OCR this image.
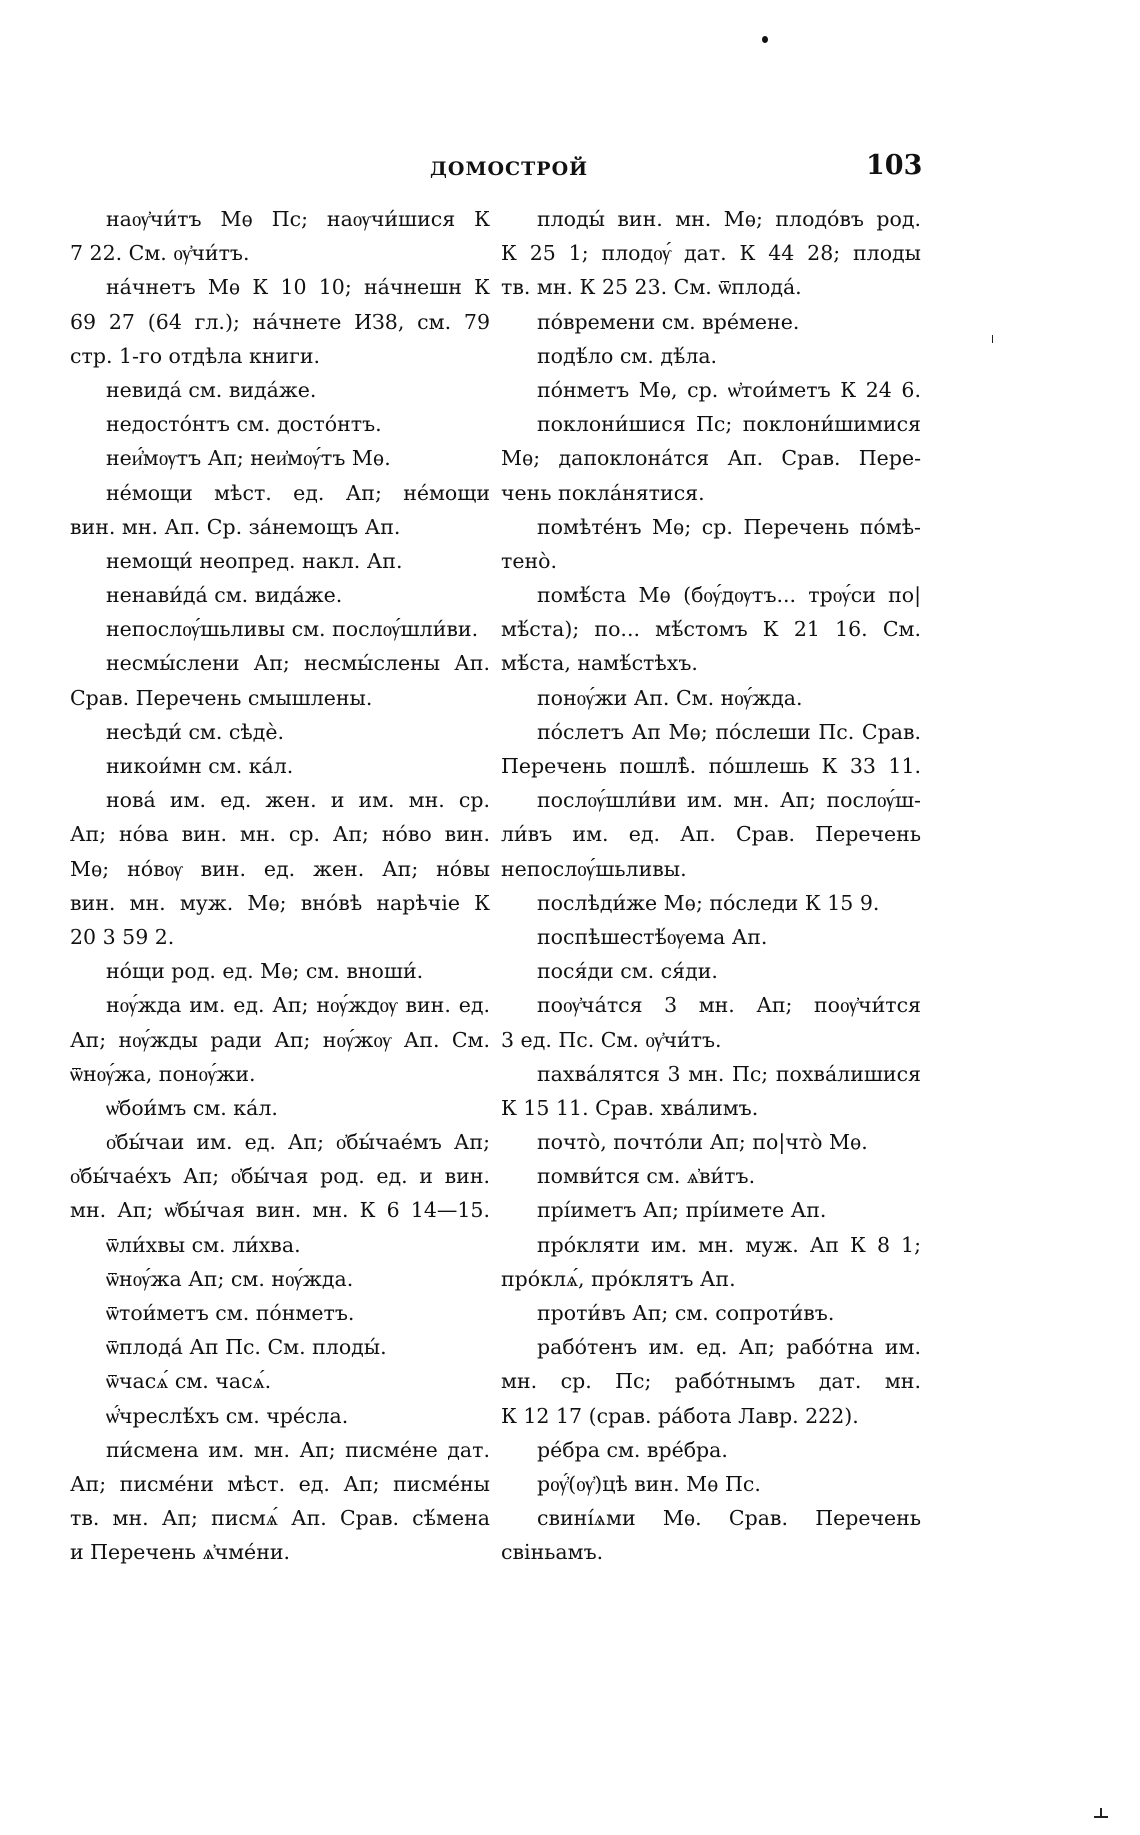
ДОМОСТРОЙ	103
наѹ҆чи́тъ Мѳ Пс; наѹчи́шися К
7 22. См. ѹ҆чи́тъ.
на́чнетъ Мѳ К 10 10; на́чнешн К
69 27 (64 гл.); на́чнете ИЗ8, см. 79
стр. 1-го отдѣла книги.
невида́ см. вида́же.
недосто́нтъ см. досто́нтъ.
неи҆́мѹтъ Ап; неи҆мѹ́тъ Мѳ.
не́мощи мѣст. ед. Ап; не́мощи
вин. мн. Ап. Ср. за́немощъ Ап.
немощи́ неопред. накл. Ап.
ненави́да́ см. вида́же.
непослѹ́шьливы см. послѹ́шли́ви.
несмы́слени Ап; несмы́слены Ап.
Срав. Перечень смышлены.
несѣди́ см. сѣдѐ.
никои́мн см. ка́л.
нова́ им. ед. жен. и им. мн. ср.
Ап; но́ва вин. мн. ср. Ап; но́во вин.
Мѳ; но́вѹ вин. ед. жен. Ап; но́вы
вин. мн. муж. Мѳ; вно́вѣ нарѣчіе К
20 3 59 2.
но́щи род. ед. Мѳ; см. вноши́.
нѹ́жда им. ед. Ап; нѹ́ждѹ вин. ед.
Ап; нѹ́жды ради Ап; нѹ́жѹ Ап. См.
ѿнѹ́жа, понѹ́жи.
ѡ҆бои́мъ см. ка́л.
о҆бы́чаи им. ед. Ап; о҆бы́чае́мъ Ап;
о҆бы́чае́хъ Ап; о҆бы́чая род. ед. и вин.
мн. Ап; ѡ҆бы́чая вин. мн. К 6 14—15.
ѿли́хвы см. ли́хва.
ѿнѹ́жа Ап; см. нѹ́жда.
ѿтои́метъ см. по́нметъ.
ѿплода́ Ап Пс. См. плоды́.
ѿчасѧ́ см. часѧ́.
ѡ҆́чреслѣ́хъ см. чре́сла.
пи́смена им. мн. Ап; писме́не дат.
Ап; писме́ни мѣст. ед. Ап; писме́ны
тв. мн. Ап; писмѧ́ Ап. Срав. сѣ́мена
и Перечень ѧ҆чме́ни.
плоды́ вин. мн. Мѳ; плодо́въ род.
К 25 1; плодѹ́ дат. К 44 28; плоды
тв. мн. К 25 23. См. ѿплода́.
по́времени см. вре́мене.
подѣ́ло см. дѣ́ла.
по́нметъ Мѳ, ср. ѡ҆тои́метъ К 24 6.
поклони́шися Пс; поклони́шимися
Мѳ; дапоклона́тся Ап. Срав. Пере-
чень покла́нятися.
помѣте́нъ Мѳ; ср. Перечень по́мѣ-
тено̀.
помѣ́ста Мѳ (бѹ́дѹтъ... трѹ́си по|
мѣ́ста); по... мѣ́стомъ К 21 16. См.
мѣ́ста, намѣ́стѣхъ.
понѹ́жи Ап. См. нѹ́жда.
по́слетъ Ап Мѳ; по́слеши Пс. Срав.
Перечень пошлѣ̀. по́шлешь К 33 11.
послѹ́шли́ви им. мн. Ап; послѹ́ш-
ли́въ им. ед. Ап. Срав. Перечень
непослѹ́шьливы.
послѣди́же Мѳ; по́следи К 15 9.
поспѣшестѣ́ѹема Ап.
пося́ди см. ся́ди.
поѹ҆ча́тся 3 мн. Ап; поѹ҆чи́тся
3 ед. Пс. См. ѹ҆чи́тъ.
пахва́лятся 3 мн. Пс; похва́лишися
К 15 11. Срав. хва́лимъ.
почто̀, почто́ли Ап; по|что̀ Мѳ.
помви́тся см. ѧ҆ви́тъ.
прі́иметъ Ап; прі́имете Ап.
про́кляти им. мн. муж. Ап К 8 1;
про́клѧ́, про́клятъ Ап.
проти́въ Ап; см. сопроти́въ.
рабо́тенъ им. ед. Ап; рабо́тна им.
мн. ср. Пс; рабо́тнымъ дат. мн.
К 12 17 (срав. ра́бота Лавр. 222).
ре́бра см. вре́бра.
рѹ҆́(ѹ҆)цѣ вин. Мѳ Пс.
свині́ѧми Мѳ. Срав. Перечень
свіньамъ.
